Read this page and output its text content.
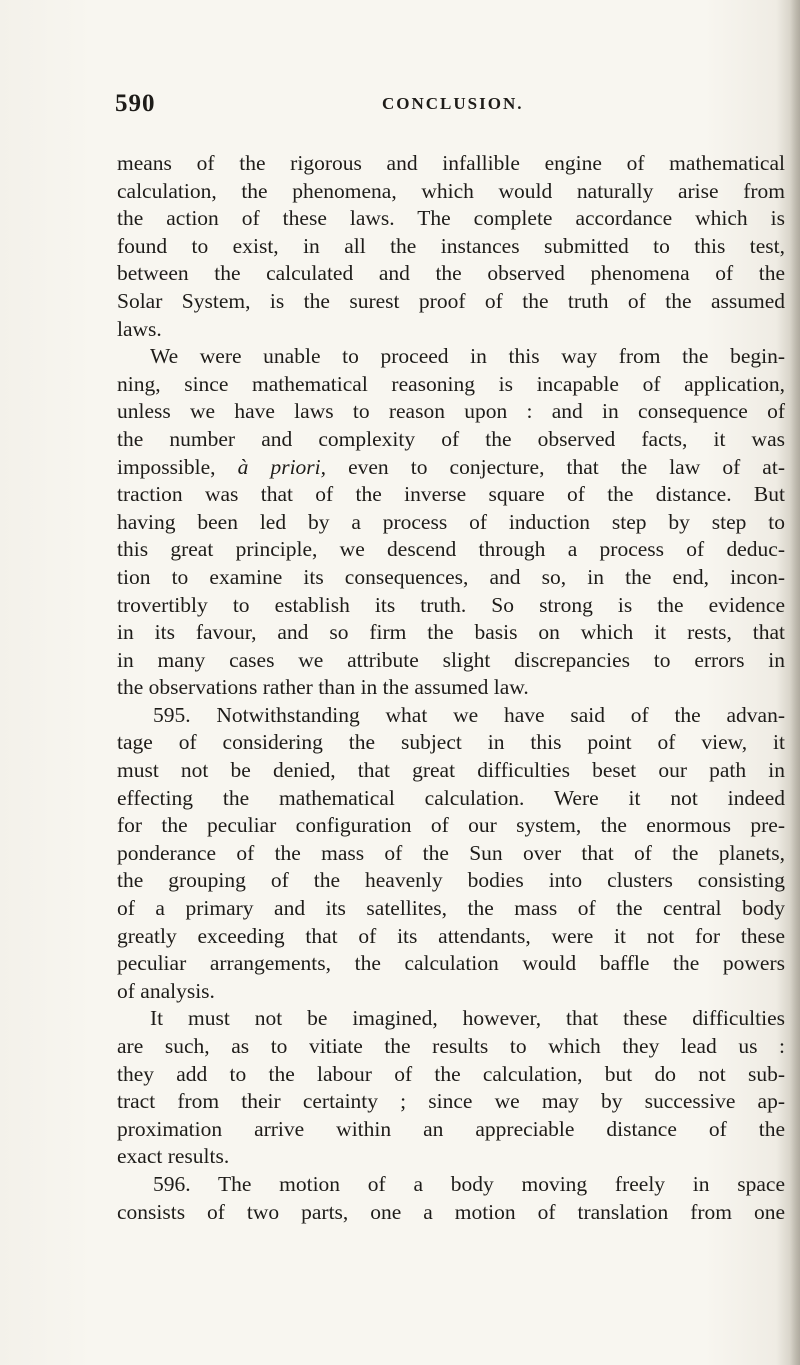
590	CONCLUSION.
means of the rigorous and infallible engine of mathematical
calculation, the phenomena, which would naturally arise from
the action of these laws. The complete accordance which is
found to exist, in all the instances submitted to this test,
between the calculated and the observed phenomena of the
Solar System, is the surest proof of the truth of the assumed
laws.
We were unable to proceed in this way from the begin-
ning, since mathematical reasoning is incapable of application,
unless we have laws to reason upon : and in consequence of
the number and complexity of the observed facts, it was
impossible, à priori, even to conjecture, that the law of at-
traction was that of the inverse square of the distance. But
having been led by a process of induction step by step to
this great principle, we descend through a process of deduc-
tion to examine its consequences, and so, in the end, incon-
trovertibly to establish its truth. So strong is the evidence
in its favour, and so firm the basis on which it rests, that
in many cases we attribute slight discrepancies to errors in
the observations rather than in the assumed law.
595. Notwithstanding what we have said of the advan-
tage of considering the subject in this point of view, it
must not be denied, that great difficulties beset our path in
effecting the mathematical calculation. Were it not indeed
for the peculiar configuration of our system, the enormous pre-
ponderance of the mass of the Sun over that of the planets,
the grouping of the heavenly bodies into clusters consisting
of a primary and its satellites, the mass of the central body
greatly exceeding that of its attendants, were it not for these
peculiar arrangements, the calculation would baffle the powers
of analysis.
It must not be imagined, however, that these difficulties
are such, as to vitiate the results to which they lead us :
they add to the labour of the calculation, but do not sub-
tract from their certainty ; since we may by successive ap-
proximation arrive within an appreciable distance of the
exact results.
596. The motion of a body moving freely in space
consists of two parts, one a motion of translation from one
